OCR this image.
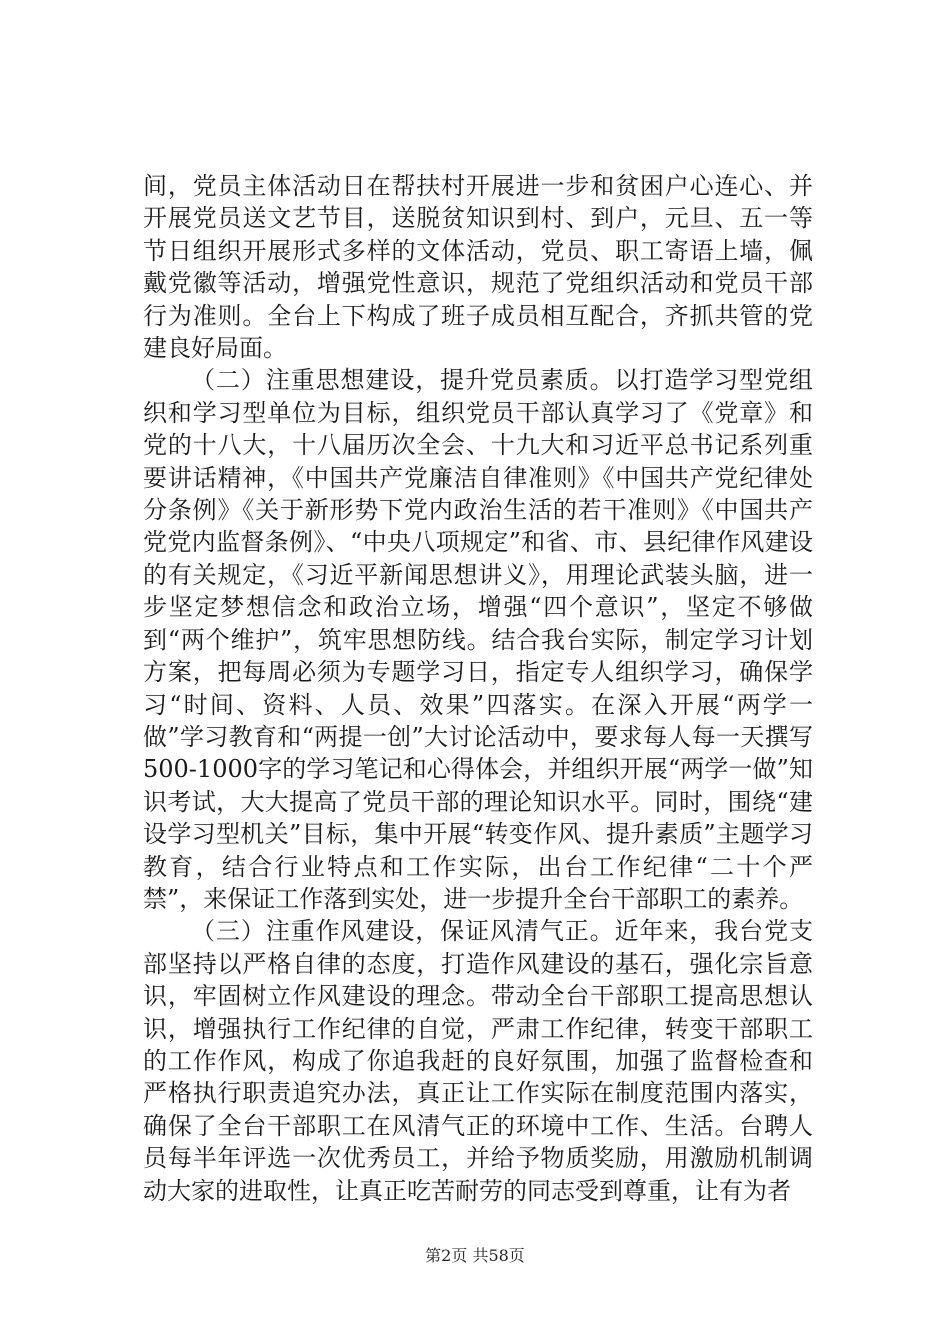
间，党员主体活动日在帮扶村开展进一步和贫困户心连心、并开展党员送文艺节目，送脱贫知识到村、到户，元旦、五一等节日组织开展形式多样的文体活动，党员、职工寄语上墙，佩戴党徽等活动，增强党性意识，规范了党组织活动和党员干部行为准则。全台上下构成了班子成员相互配合，齐抓共管的党建良好局面。

（二）注重思想建设，提升党员素质。以打造学习型党组织和学习型单位为目标，组织党员干部认真学习了《党章》和党的十八大，十八届历次全会、十九大和习近平总书记系列重要讲话精神，《中国共产党廉洁自律准则》《中国共产党纪律处分条例》《关于新形势下党内政治生活的若干准则》《中国共产党党内监督条例》、“中央八项规定”和省、市、县纪律作风建设的有关规定，《习近平新闻思想讲义》，用理论武装头脑，进一步坚定梦想信念和政治立场，增强“四个意识”，坚定不够做到“两个维护”，筑牢思想防线。结合我台实际，制定学习计划方案，把每周必须为专题学习日，指定专人组织学习，确保学习“时间、资料、人员、效果”四落实。在深入开展“两学一做”学习教育和“两提一创”大讨论活动中，要求每人每一天撰写500-1000字的学习笔记和心得体会，并组织开展“两学一做”知识考试，大大提高了党员干部的理论知识水平。同时，围绕“建设学习型机关”目标，集中开展“转变作风、提升素质”主题学习教育，结合行业特点和工作实际，出台工作纪律“二十个严禁”，来保证工作落到实处，进一步提升全台干部职工的素养。

（三）注重作风建设，保证风清气正。近年来，我台党支部坚持以严格自律的态度，打造作风建设的基石，强化宗旨意识，牢固树立作风建设的理念。带动全台干部职工提高思想认识，增强执行工作纪律的自觉，严肃工作纪律，转变干部职工的工作作风，构成了你追我赶的良好氛围，加强了监督检查和严格执行职责追究办法，真正让工作实际在制度范围内落实，确保了全台干部职工在风清气正的环境中工作、生活。台聘人员每半年评选一次优秀员工，并给予物质奖励，用激励机制调动大家的进取性，让真正吃苦耐劳的同志受到尊重，让有为者

第2页 共58页
